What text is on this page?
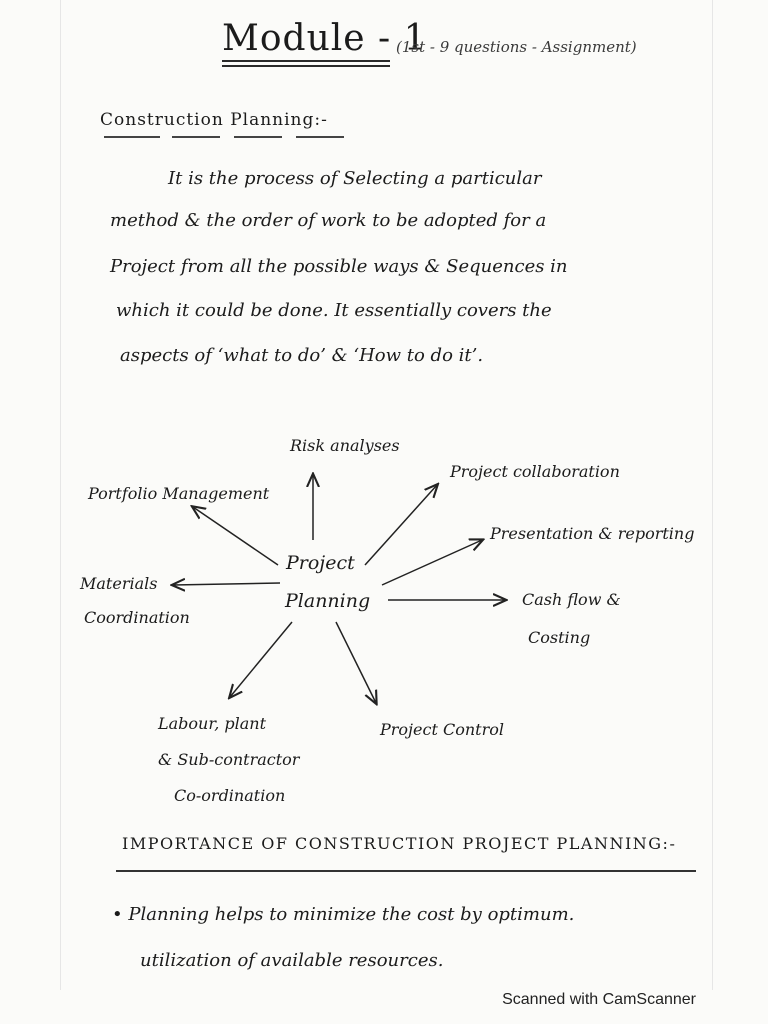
Module - 1
(1st - 9 questions - Assignment)
Construction Planning:-
It is the process of Selecting a particular
method & the order of work to be adopted for a
Project from all the possible ways & Sequences in
which it could be done. It essentially covers the
aspects of ‘what to do’ & ‘How to do it’.
Project
Planning
Risk analyses
Project collaboration
Portfolio Management
Presentation & reporting
Materials
Coordination
Cash flow &
Costing
Labour, plant
& Sub-contractor
Co-ordination
Project Control
IMPORTANCE OF CONSTRUCTION PROJECT PLANNING:-
• Planning helps to minimize the cost by optimum.
utilization of available resources.
Scanned with CamScanner
